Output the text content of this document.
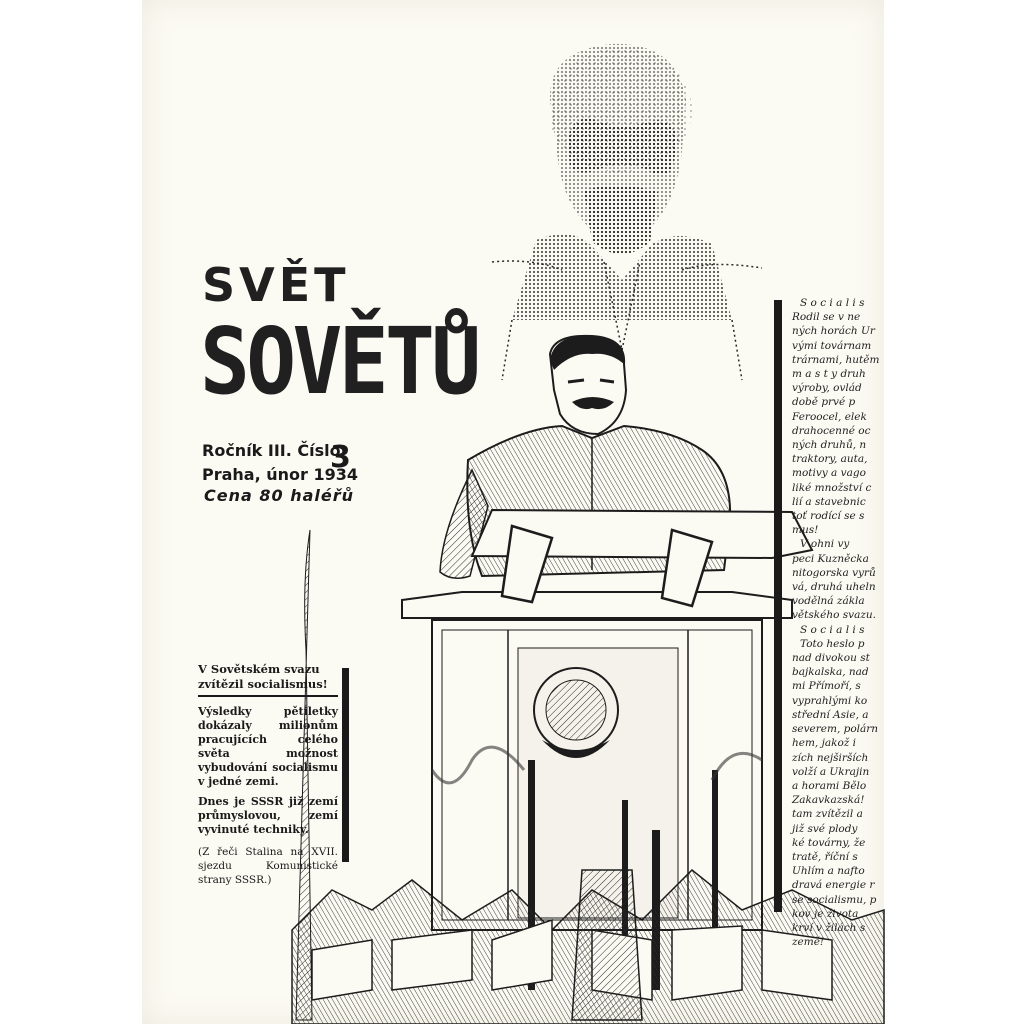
SVĚT
SOVĚTŮ
Ročník III. Číslo
3
Praha, únor 1934
Cena 80 haléřů
V Sovětském svazu
zvítězil socialismus!

Výsledky pětiletky dokázaly milionům pracujících celého světa možnost vybudování socialismu v jedné zemi.

Dnes je SSSR již zemí průmyslovou, zemí vyvinuté techniky.

(Z řeči Stalina na XVII. sjezdu Komunistické strany SSSR.)

S o c i a l i s
Rodil se v ne
ných horách Ur
vými továrnam
trárnami, hutěm
m a s t y druh
výroby, ovlád
době prvé p
Feroocel, elek
drahocenné oc
ných druhů, n
traktory, auta,
motivy a vago
liké množství c
lií a stavebnic
toť rodící se s
mus!
V ohni vy
peci Kuzněcka
nitogorska vyrů
vá, druhá uheln
vodělná zákla
větského svazu.
S o c i a l i s
Toto heslo p
nad divokou st
bajkalska, nad
mi Přímoří, s
vyprahlými ko
střední Asie, a
severem, polárn
hem, jakož i
zích nejširších
volží a Ukrajin
a horami Bělo
Zakavkazská!
tam zvítězil a
již své plody
ké továrny, že
tratě, říční s
Uhlím a nafto
dravá energie r
se socialismu, p
kov je života
krví v žilách s
země!
